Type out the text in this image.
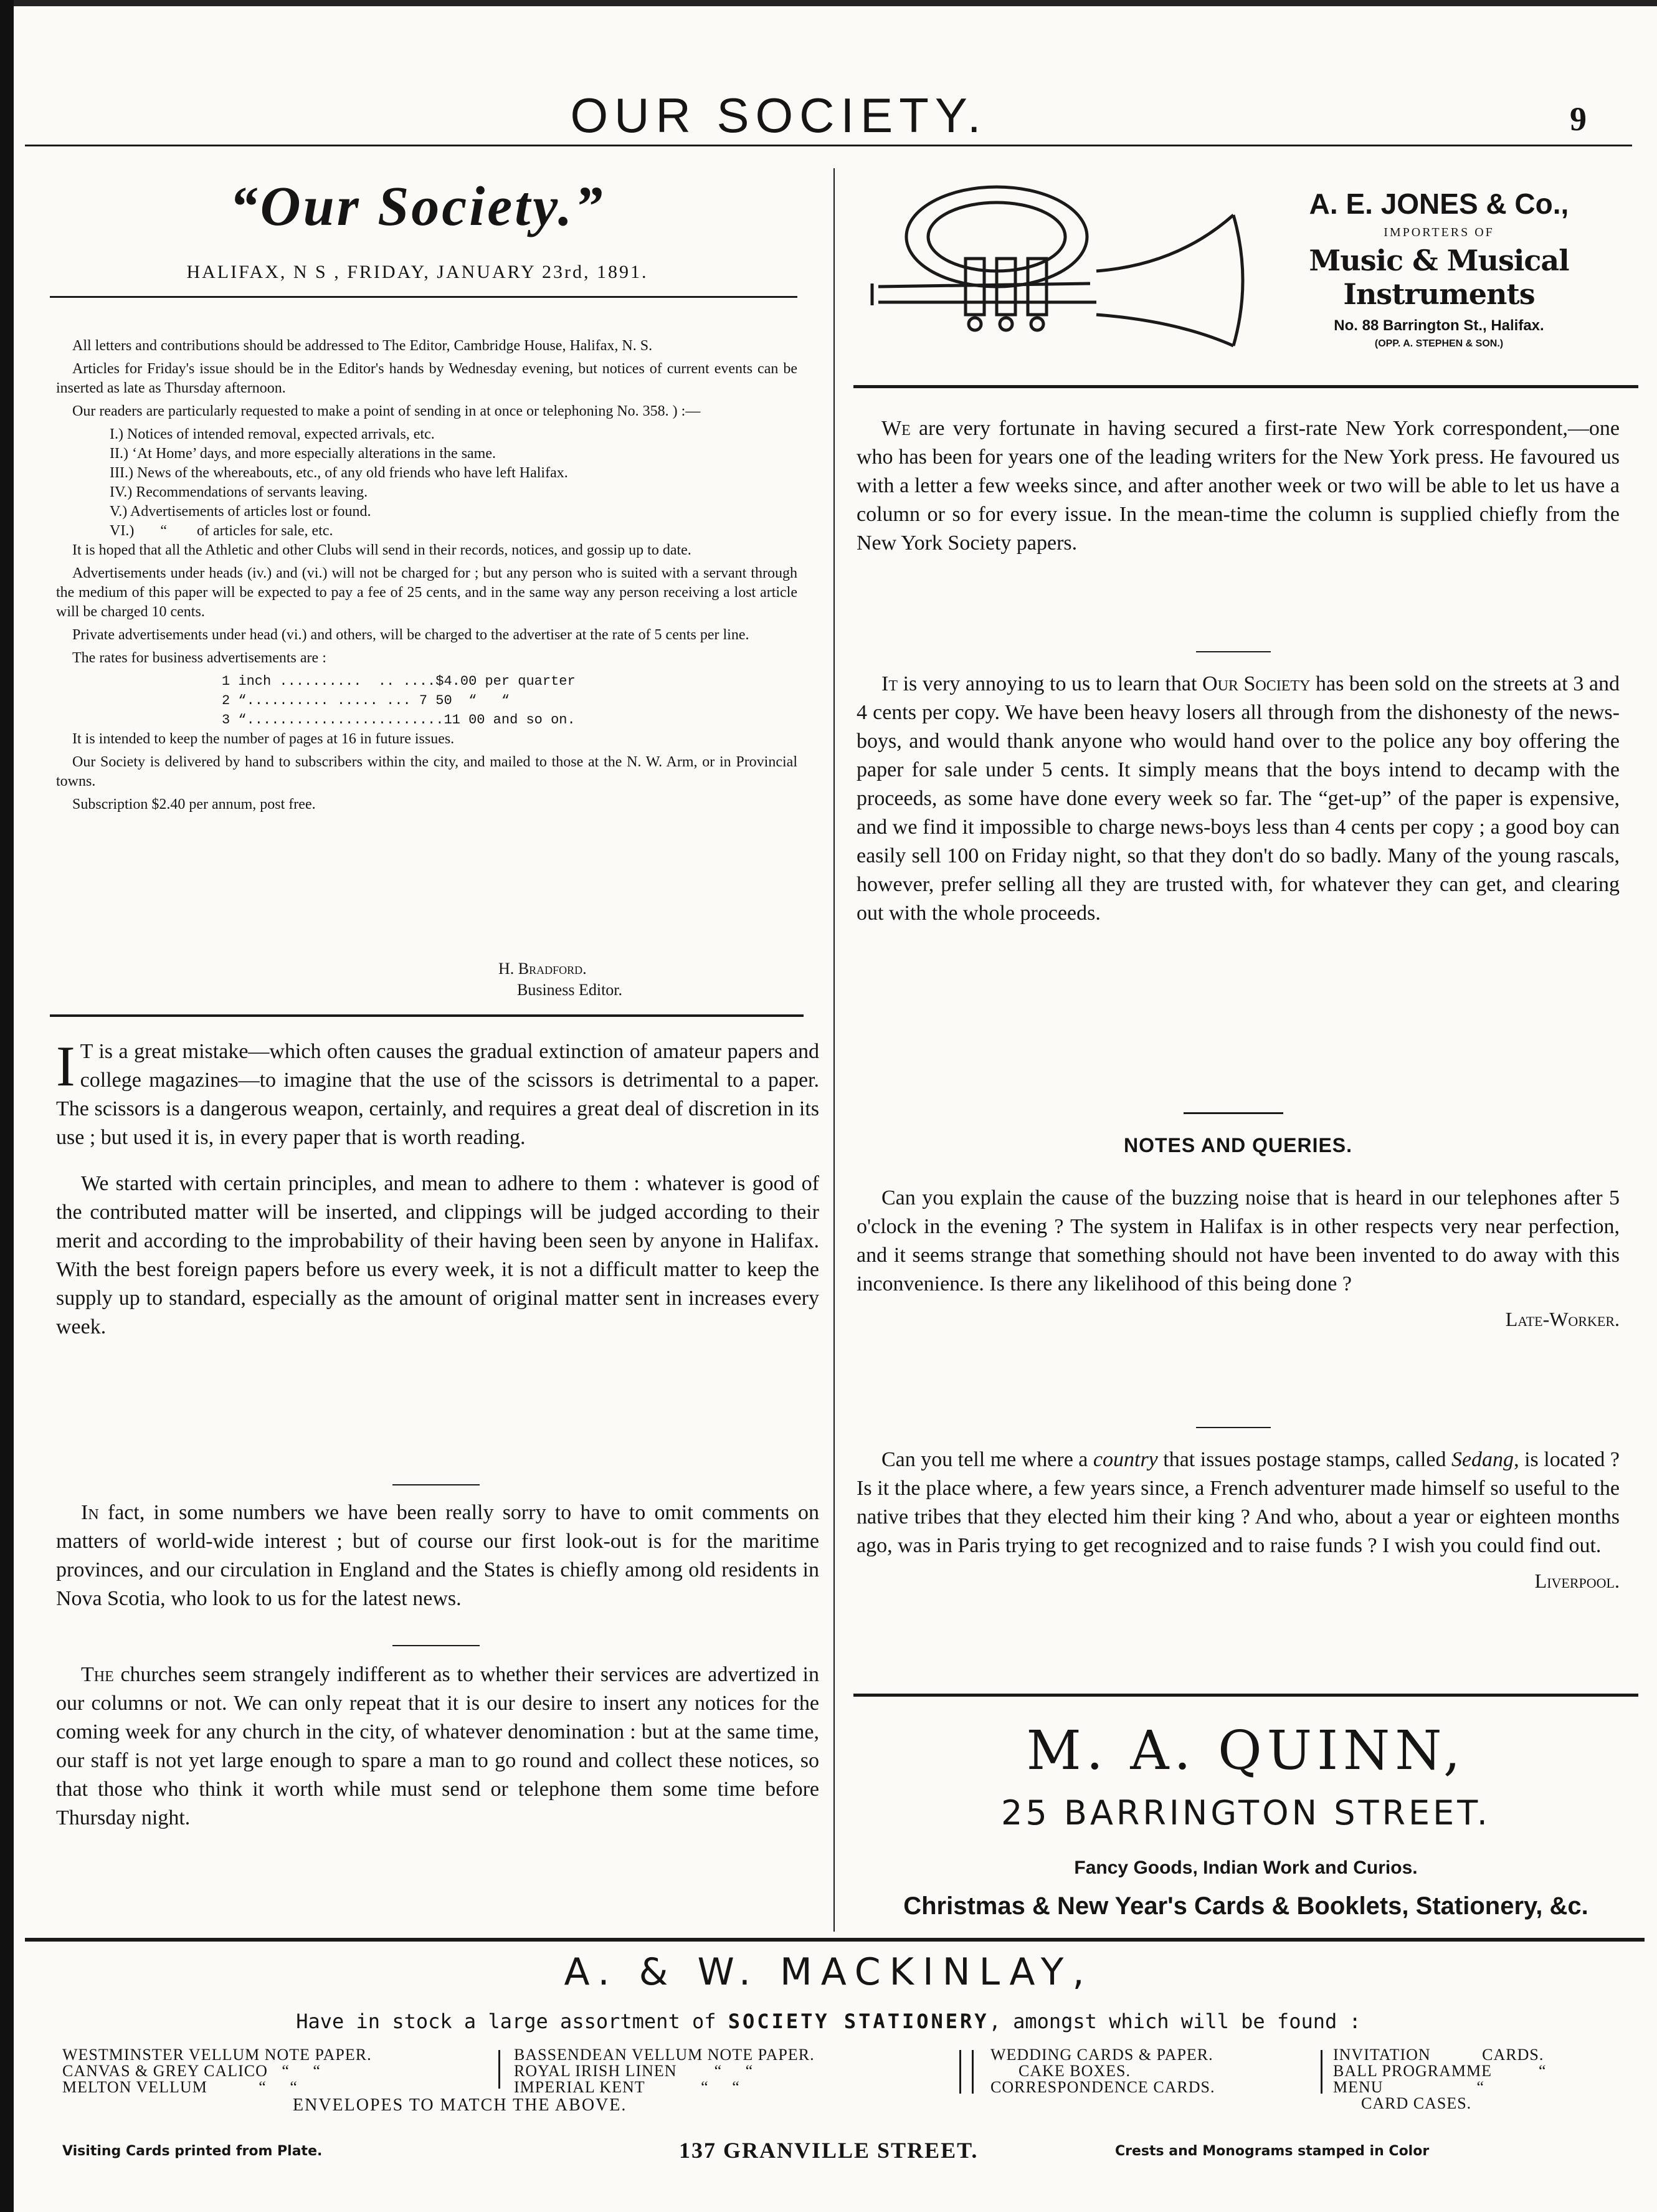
OUR SOCIETY.	9
“Our Society.”
HALIFAX, N S , FRIDAY, JANUARY 23rd, 1891.

All letters and contributions should be addressed to The Editor, Cambridge House, Halifax, N. S.

Articles for Friday's issue should be in the Editor's hands by Wednesday evening, but notices of current events can be inserted as late as Thursday afternoon.

Our readers are particularly requested to make a point of sending in at once or telephoning No. 358. ) :—

I.) Notices of intended removal, expected arrivals, etc.

II.) ‘At Home’ days, and more especially alterations in the same.

III.) News of the whereabouts, etc., of any old friends who have left Halifax.

IV.) Recommendations of servants leaving.

V.) Advertisements of articles lost or found.

VI.)       “        of articles for sale, etc.

It is hoped that all the Athletic and other Clubs will send in their records, notices, and gossip up to date.

Advertisements under heads (iv.) and (vi.) will not be charged for ; but any person who is suited with a servant through the medium of this paper will be expected to pay a fee of 25 cents, and in the same way any person receiving a lost article will be charged 10 cents.

Private advertisements under head (vi.) and others, will be charged to the advertiser at the rate of 5 cents per line.

The rates for business advertisements are :

1 inch ..........  .. ....$4.00 per quarter

2 “.......... ..... ... 7 50  “   “

3 “........................11 00 and so on.

It is intended to keep the number of pages at 16 in future issues.

Our Society is delivered by hand to subscribers within the city, and mailed to those at the N. W. Arm, or in Provincial towns.

Subscription $2.40 per annum, post free.

H. Bradford.
Business Editor.

I T is a great mistake—which often causes the gradual extinction of amateur papers and college magazines—to imagine that the use of the scissors is detrimental to a paper. The scissors is a dangerous weapon, certainly, and requires a great deal of discretion in its use ; but used it is, in every paper that is worth reading.

We started with certain principles, and mean to adhere to them : whatever is good of the contributed matter will be inserted, and clippings will be judged according to their merit and according to the improbability of their having been seen by anyone in Halifax. With the best foreign papers before us every week, it is not a difficult matter to keep the supply up to standard, especially as the amount of original matter sent in increases every week.

In fact, in some numbers we have been really sorry to have to omit comments on matters of world-wide interest ; but of course our first look-out is for the maritime provinces, and our circulation in England and the States is chiefly among old residents in Nova Scotia, who look to us for the latest news.

The churches seem strangely indifferent as to whether their services are advertized in our columns or not. We can only repeat that it is our desire to insert any notices for the coming week for any church in the city, of whatever denomination : but at the same time, our staff is not yet large enough to spare a man to go round and collect these notices, so that those who think it worth while must send or telephone them some time before Thursday night.

A. E. JONES & Co.,
IMPORTERS OF
Music & Musical Instruments
No. 88 Barrington St., Halifax.
(OPP. A. STEPHEN & SON.)

We are very fortunate in having secured a first-rate New York correspondent,—one who has been for years one of the leading writers for the New York press. He favoured us with a letter a few weeks since, and after another week or two will be able to let us have a column or so for every issue. In the mean-time the column is supplied chiefly from the New York Society papers.

It is very annoying to us to learn that Our Society has been sold on the streets at 3 and 4 cents per copy. We have been heavy losers all through from the dishonesty of the news-boys, and would thank anyone who would hand over to the police any boy offering the paper for sale under 5 cents. It simply means that the boys intend to decamp with the proceeds, as some have done every week so far. The “get-up” of the paper is expensive, and we find it impossible to charge news-boys less than 4 cents per copy ; a good boy can easily sell 100 on Friday night, so that they don't do so badly. Many of the young rascals, however, prefer selling all they are trusted with, for whatever they can get, and clearing out with the whole proceeds.

NOTES AND QUERIES.

Can you explain the cause of the buzzing noise that is heard in our telephones after 5 o'clock in the evening ? The system in Halifax is in other respects very near perfection, and it seems strange that something should not have been invented to do away with this inconvenience. Is there any likelihood of this being done ?

Late-Worker.

Can you tell me where a country that issues postage stamps, called Sedang, is located ? Is it the place where, a few years since, a French adventurer made himself so useful to the native tribes that they elected him their king ? And who, about a year or eighteen months ago, was in Paris trying to get recognized and to raise funds ? I wish you could find out.

Liverpool.
M. A. QUINN,
25 BARRINGTON STREET.
Fancy Goods, Indian Work and Curios.
Christmas & New Year's Cards & Booklets, Stationery, &c.
A. & W. MACKINLAY,
Have in stock a large assortment of SOCIETY STATIONERY, amongst which will be found :
WESTMINSTER VELLUM NOTE PAPER.
CANVAS & GREY CALICO   “     “
MELTON VELLUM           “     “
BASSENDEAN VELLUM NOTE PAPER.
ROYAL IRISH LINEN        “     “
IMPERIAL KENT            “     “
WEDDING CARDS & PAPER.
CAKE BOXES.
CORRESPONDENCE CARDS.
INVITATION           CARDS.
BALL PROGRAMME          “
MENU                    “
CARD CASES.
ENVELOPES TO MATCH THE ABOVE.
Visiting Cards printed from Plate.	137 GRANVILLE STREET.	Crests and Monograms stamped in Color
